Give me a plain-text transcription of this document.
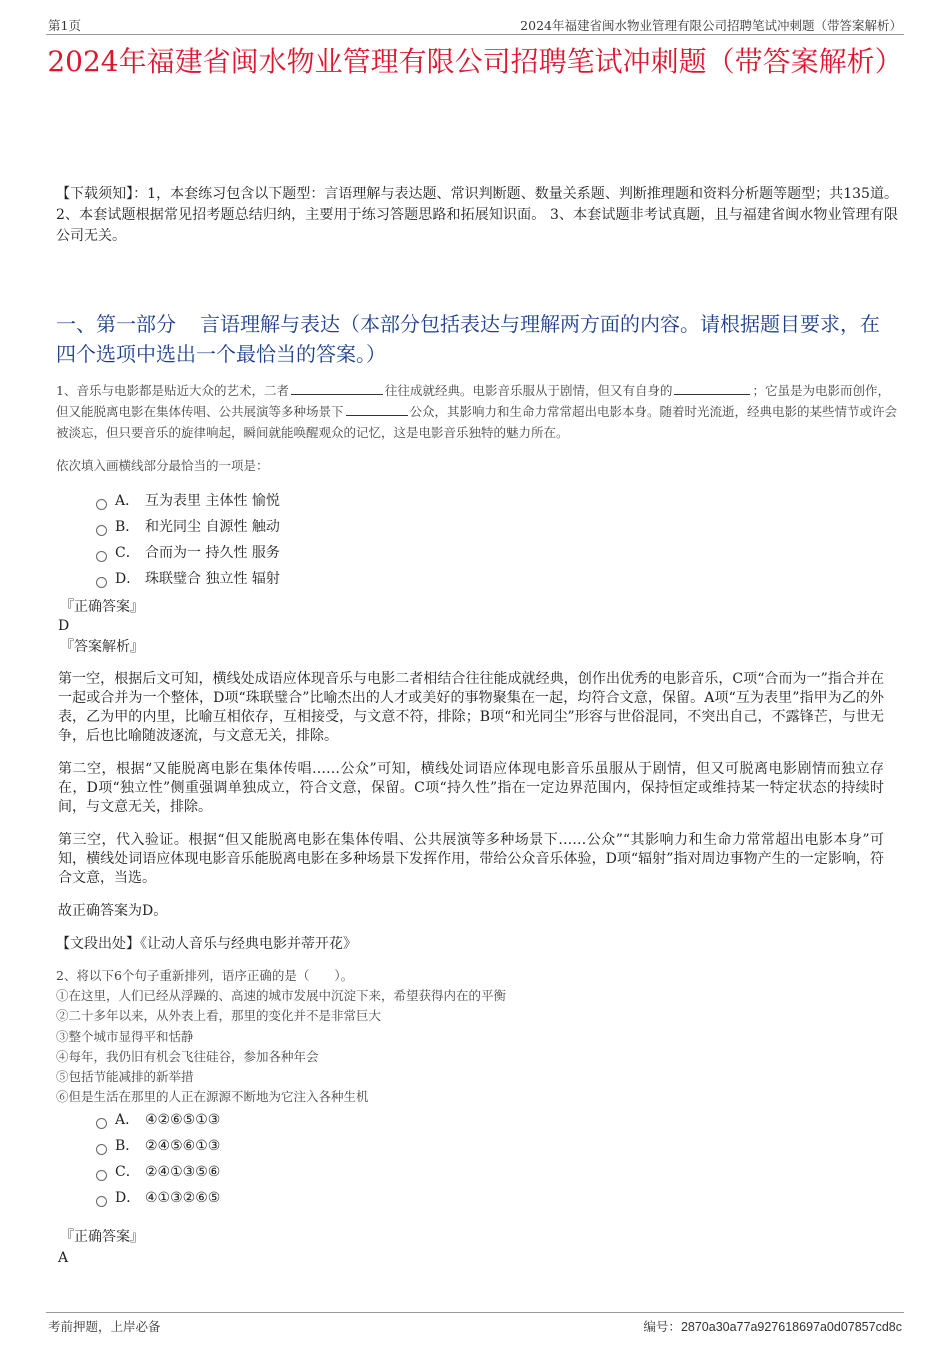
第1页	2024年福建省闽水物业管理有限公司招聘笔试冲刺题（带答案解析）
2024年福建省闽水物业管理有限公司招聘笔试冲刺题（带答案解析）
【下载须知】：1，本套练习包含以下题型：言语理解与表达题、常识判断题、数量关系题、判断推理题和资料分析题等题型；共135道。 2、本套试题根据常见招考题总结归纳，主要用于练习答题思路和拓展知识面。 3、本套试题非考试真题，且与福建省闽水物业管理有限公司无关。
一、第一部分 言语理解与表达（本部分包括表达与理解两方面的内容。请根据题目要求，在四个选项中选出一个最恰当的答案。）
1、音乐与电影都是贴近大众的艺术，二者	往往成就经典。电影音乐服从于剧情，但又有自身的	；它虽是为电影而创作，但又能脱离电影在集体传唱、公共展演等多种场景下	公众，其影响力和生命力常常超出电影本身。随着时光流逝，经典电影的某些情节或许会被淡忘，但只要音乐的旋律响起，瞬间就能唤醒观众的记忆，这是电影音乐独特的魅力所在。
依次填入画横线部分最恰当的一项是：
A． 互为表里 主体性 愉悦
B． 和光同尘 自源性 触动
C． 合而为一 持久性 服务
D． 珠联璧合 独立性 辐射
『正确答案』
D
『答案解析』

第一空，根据后文可知，横线处成语应体现音乐与电影二者相结合往往能成就经典，创作出优秀的电影音乐，C项“合而为一”指合并在一起或合并为一个整体，D项“珠联璧合”比喻杰出的人才或美好的事物聚集在一起，均符合文意，保留。A项“互为表里”指甲为乙的外表，乙为甲的内里，比喻互相依存，互相接受，与文意不符，排除；B项“和光同尘”形容与世俗混同，不突出自己，不露锋芒，与世无争，后也比喻随波逐流，与文意无关，排除。

第二空，根据“又能脱离电影在集体传唱……公众”可知，横线处词语应体现电影音乐虽服从于剧情，但又可脱离电影剧情而独立存在，D项“独立性”侧重强调单独成立，符合文意，保留。C项“持久性”指在一定边界范围内，保持恒定或维持某一特定状态的持续时间，与文意无关，排除。

第三空，代入验证。根据“但又能脱离电影在集体传唱、公共展演等多种场景下……公众”“其影响力和生命力常常超出电影本身”可知，横线处词语应体现电影音乐能脱离电影在多种场景下发挥作用，带给公众音乐体验，D项“辐射”指对周边事物产生的一定影响，符合文意，当选。

故正确答案为D。

【文段出处】《让动人音乐与经典电影并蒂开花》

2、将以下6个句子重新排列，语序正确的是（　　）。
①在这里，人们已经从浮躁的、高速的城市发展中沉淀下来，希望获得内在的平衡
②二十多年以来，从外表上看，那里的变化并不是非常巨大
③整个城市显得平和恬静
④每年，我仍旧有机会飞往硅谷，参加各种年会
⑤包括节能减排的新举措
⑥但是生活在那里的人正在源源不断地为它注入各种生机
A． ④②⑥⑤①③
B． ②④⑤⑥①③
C． ②④①③⑤⑥
D． ④①③②⑥⑤
『正确答案』
A
考前押题，上岸必备	编号：2870a30a77a927618697a0d07857cd8c
